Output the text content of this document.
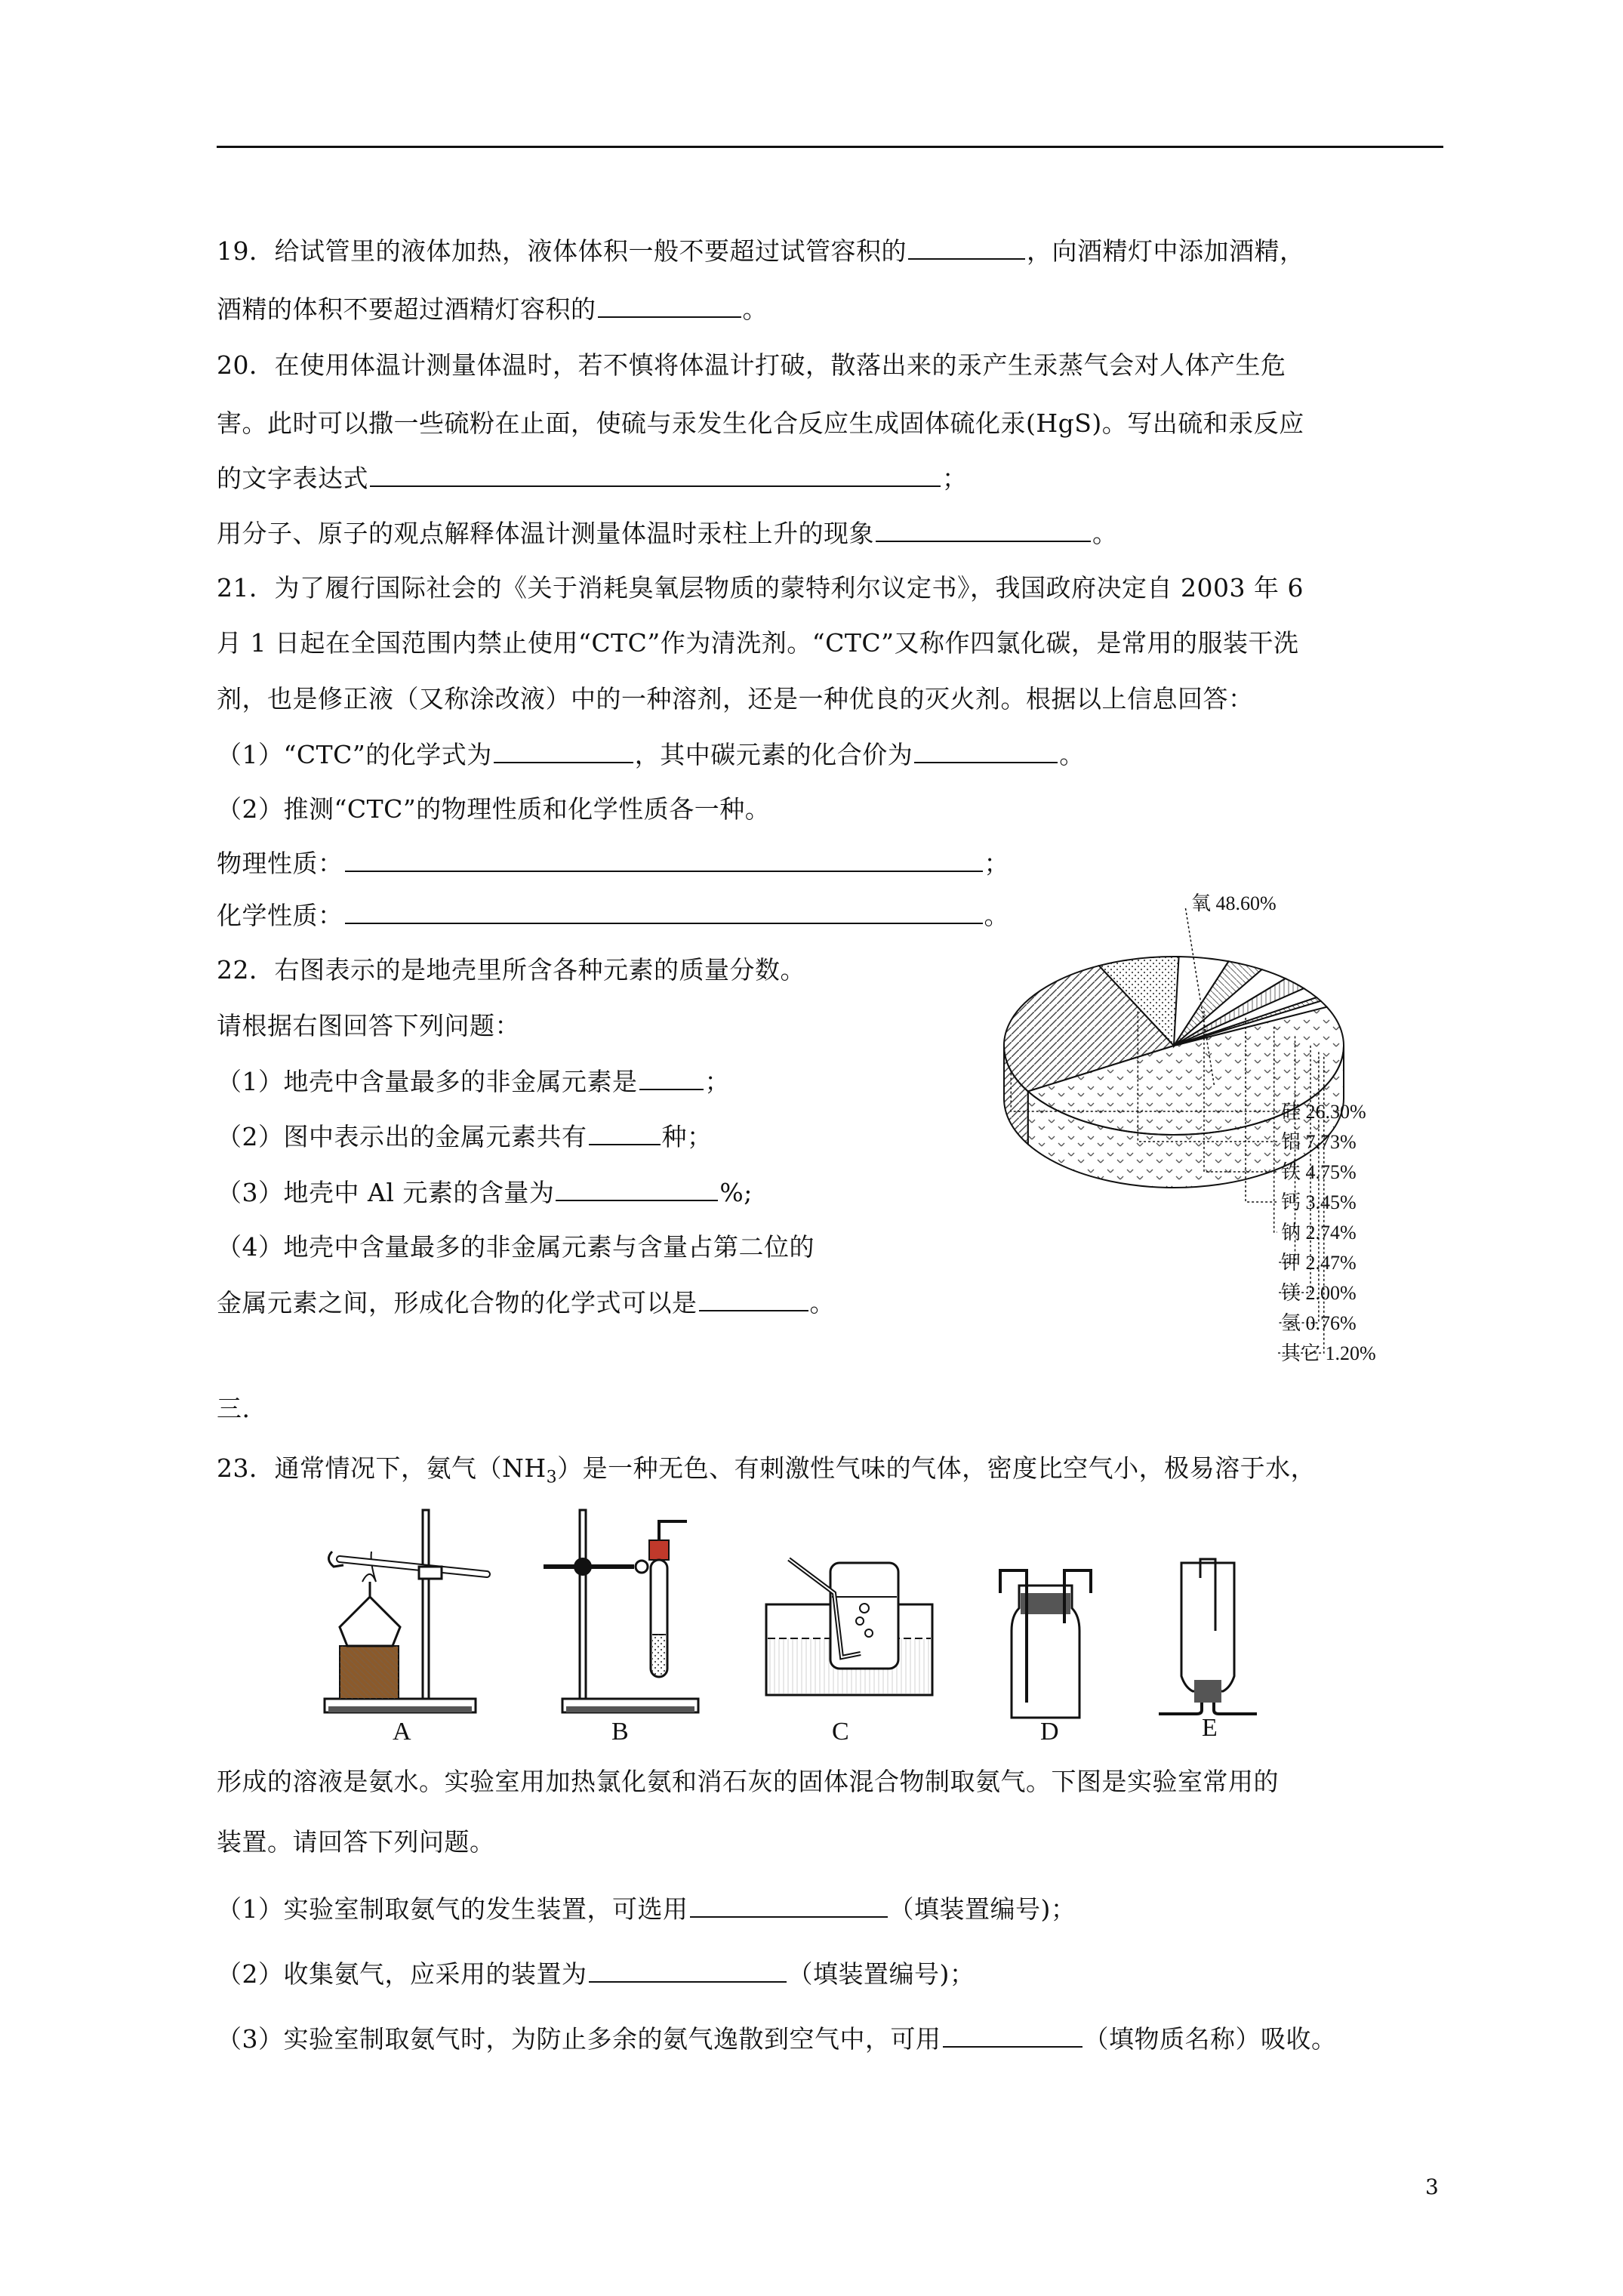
19．给试管里的液体加热，液体体积一般不要超过试管容积的	，向酒精灯中添加酒精，
酒精的体积不要超过酒精灯容积的	。
20．在使用体温计测量体温时，若不慎将体温计打破，散落出来的汞产生汞蒸气会对人体产生危
害。此时可以撒一些硫粉在止面，使硫与汞发生化合反应生成固体硫化汞(HgS)。写出硫和汞反应
的文字表达式	；
用分子、原子的观点解释体温计测量体温时汞柱上升的现象	。
21．为了履行国际社会的《关于消耗臭氧层物质的蒙特利尔议定书》，我国政府决定自 2003 年 6
月 1 日起在全国范围内禁止使用“CTC”作为清洗剂。“CTC”又称作四氯化碳，是常用的服装干洗
剂，也是修正液（又称涂改液）中的一种溶剂，还是一种优良的灭火剂。根据以上信息回答：
（1）“CTC”的化学式为	，其中碳元素的化合价为	。
（2）推测“CTC”的物理性质和化学性质各一种。
物理性质：	；
化学性质：	。
22．右图表示的是地壳里所含各种元素的质量分数。
请根据右图回答下列问题：
（1）地壳中含量最多的非金属元素是	；
（2）图中表示出的金属元素共有	种；
（3）地壳中 Al 元素的含量为	%;
（4）地壳中含量最多的非金属元素与含量占第二位的
金属元素之间，形成化合物的化学式可以是	。
氧 48.60%
硅 26.30%
铝 7.73%
铁 4.75%
钙 3.45%
钠 2.74%
钾 2.47%
镁 2.00%
氢 0.76%
其它 1.20%
三.
23．通常情况下，氨气$(NH_3)$是一种无色、有刺激性气味的气体，密度比空气小，极易溶于水，
A	B	C	D	E
形成的溶液是氨水。实验室用加热氯化氨和消石灰的固体混合物制取氨气。下图是实验室常用的
装置。请回答下列问题。
（1）实验室制取氨气的发生装置，可选用	（填装置编号)；
（2）收集氨气，应采用的装置为	（填装置编号)；
（3）实验室制取氨气时，为防止多余的氨气逸散到空气中，可用	（填物质名称）吸收。
3
